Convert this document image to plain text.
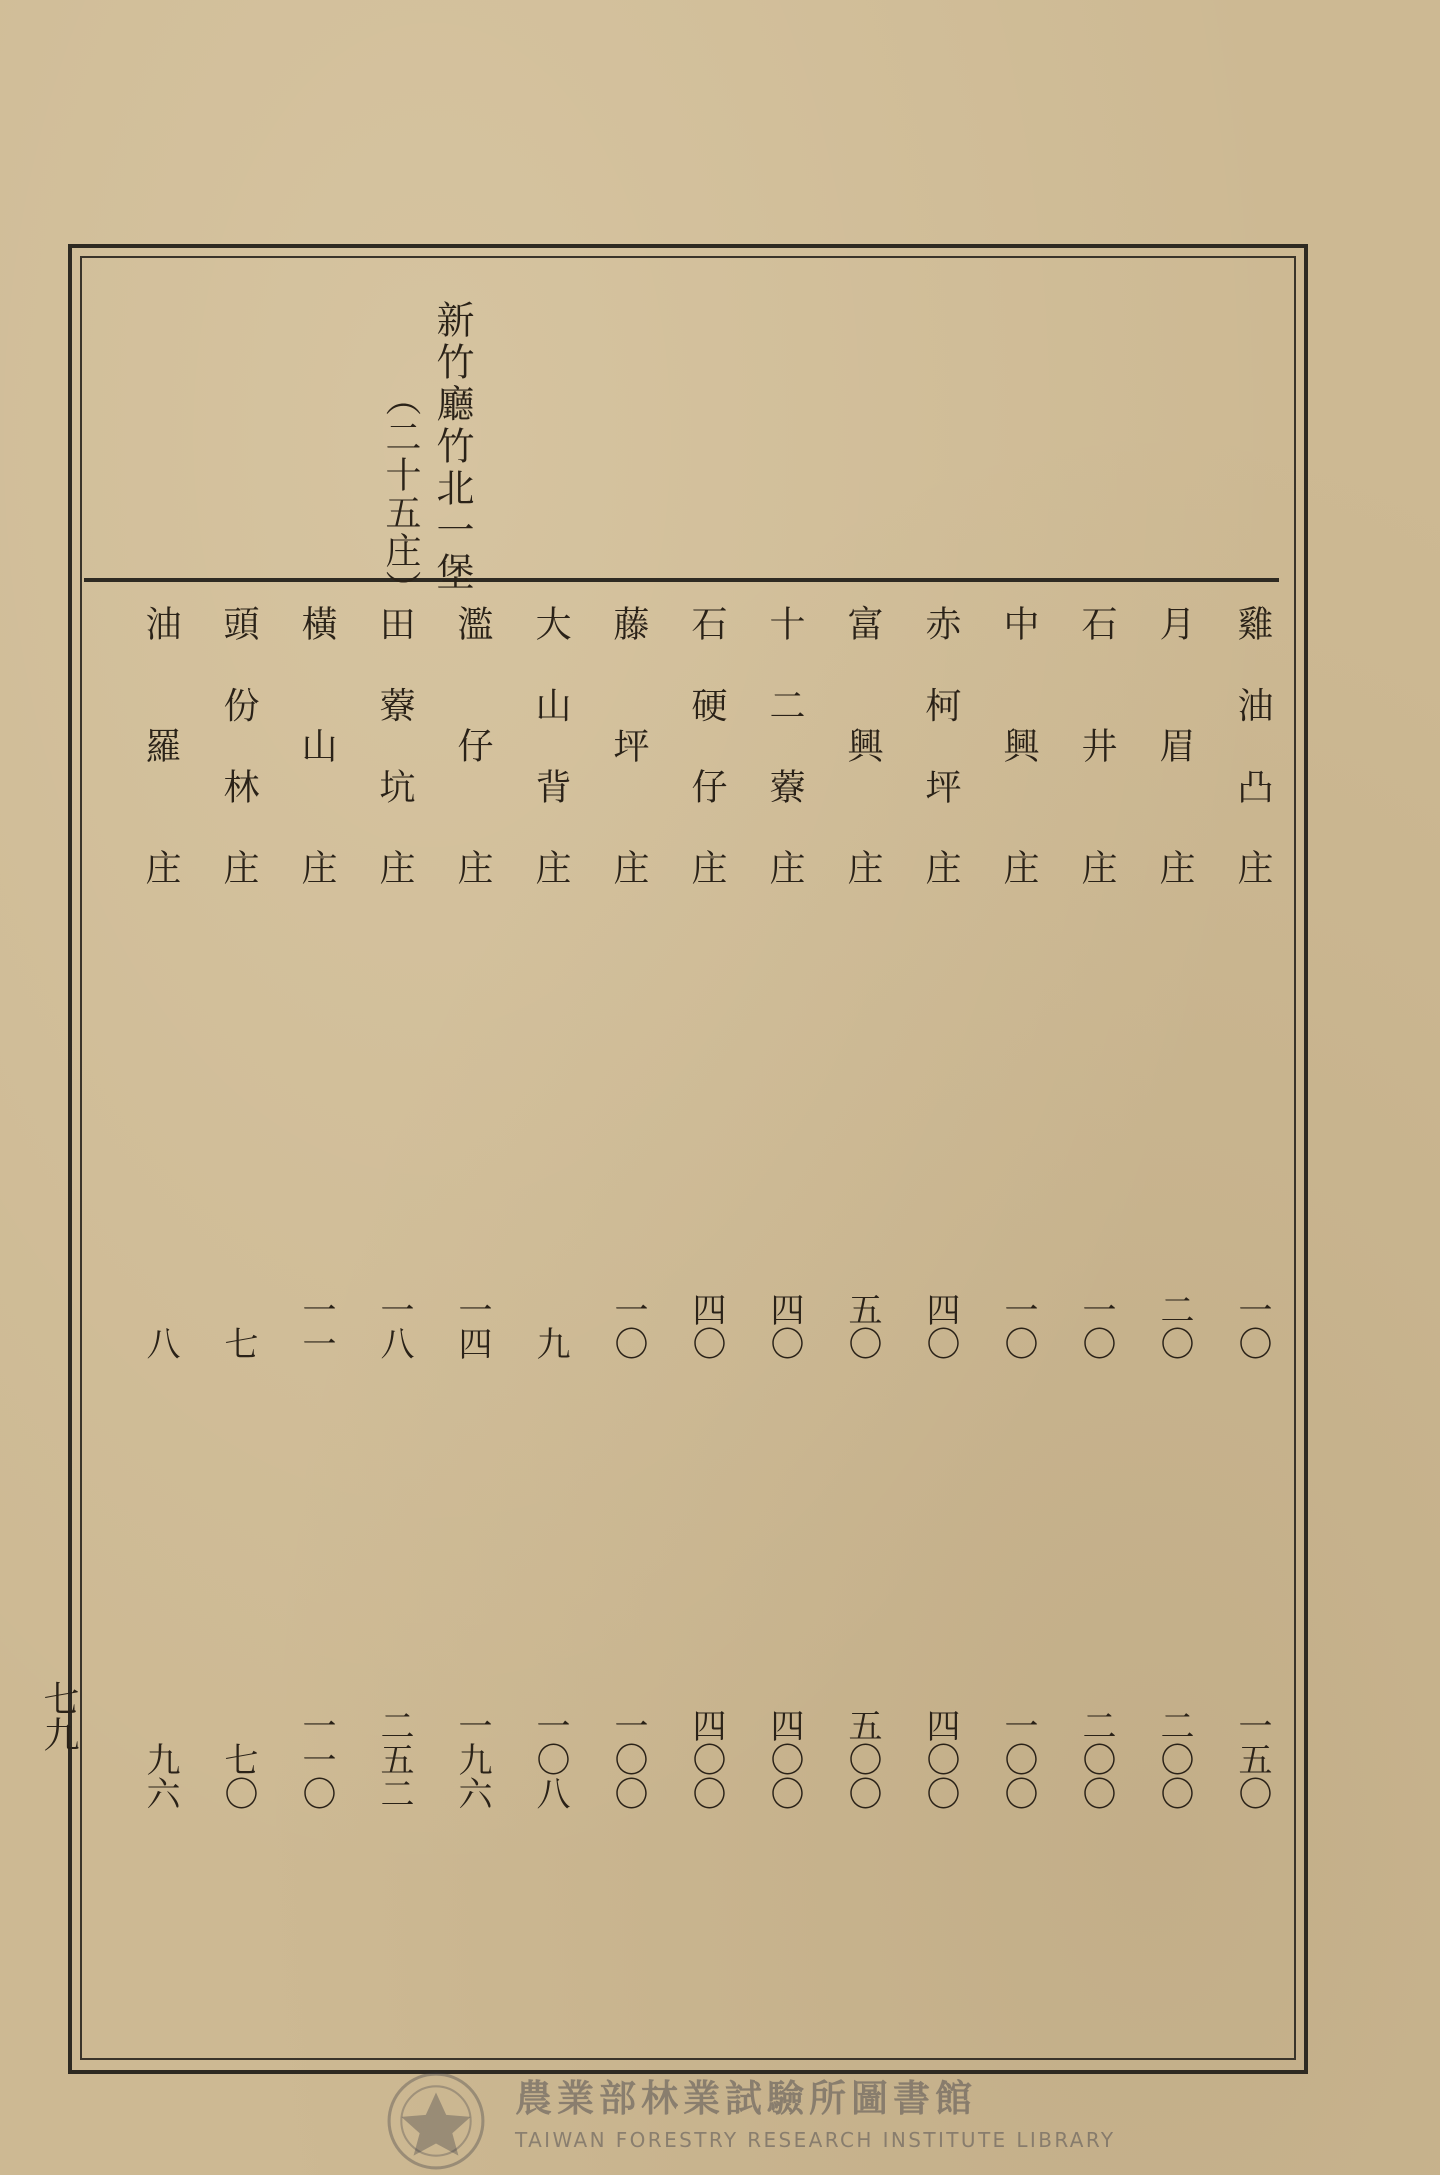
新竹廳竹北一堡
（二十五庄）
雞油凸庄
一〇
一五〇
月眉庄
二〇
二〇〇
石井庄
一〇
二〇〇
中興庄
一〇
一〇〇
赤柯坪庄
四〇
四〇〇
富興庄
五〇
五〇〇
十二藔庄
四〇
四〇〇
石硬仔庄
四〇
四〇〇
藤坪庄
一〇
一〇〇
大山背庄
九
一〇八
濫仔庄
一四
一九六
田藔坑庄
一八
二五二
橫山庄
一一
一一〇
頭份林庄
七
七〇
油羅庄
八
九六
七九
農業部林業試驗所圖書館
TAIWAN FORESTRY RESEARCH INSTITUTE LIBRARY
